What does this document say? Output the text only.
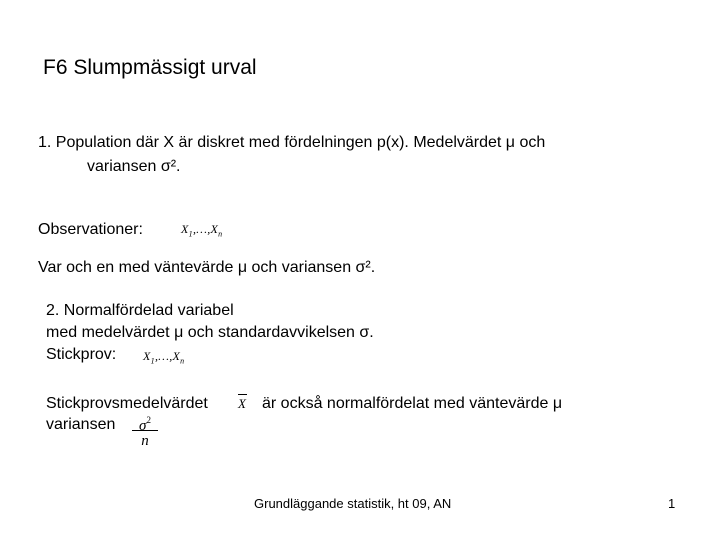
F6 Slumpmässigt urval
1. Population där X är diskret med fördelningen p(x). Medelvärdet μ och
variansen σ².
Observationer:	$X_1,\dots,X_n$
Var och en med väntevärde μ och variansen σ².
2. Normalfördelad variabel
med medelvärdet μ och standardavvikelsen σ.
Stickprov: $X_1,\dots,X_n$
Stickprovsmedelvärdet X är också normalfördelat med väntevärde μ
variansen	$\sigma^2$
n
Grundläggande statistik, ht 09, AN	1
